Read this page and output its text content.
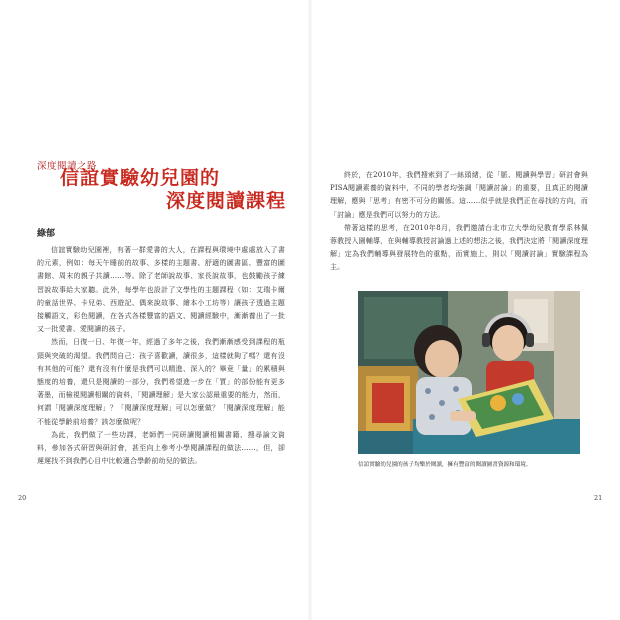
深度閱讀之路
信誼實驗幼兒園的
深度閱讀課程
綠郁

信誼實驗幼兒園裡，有著一群愛書的大人，在課程與環境中處處放入了書的元素，例如：每天午睡前的故事、多樣的主題書、舒適的圖書區、豐富的圖書館、周末的親子共讀……等。除了老師說故事、家長說故事，也鼓勵孩子練習說故事給大家聽。此外，每學年也設計了文學性的主題課程（如：艾瑞卡爾的童話世界、卡兒弟、西遊記、偶來說故事、繪本小工坊等）讓孩子透過主題接觸語文，彩色閱讀，在各式各樣豐富的語文、閱讀經驗中，漸漸養出了一批又一批愛書、愛閱讀的孩子。

然而，日復一日、年復一年，經過了多年之後，我們漸漸感受到課程的瓶頸與突破的渴望。我們問自己：孩子喜歡讀，讀很多，這樣就夠了嗎？還有沒有其他的可能？還有沒有什麼是我們可以精進、深入的？畢竟「量」的累積與態度的培養，還只是閱讀的一部分，我們希望進一步在「質」的部份能有更多著墨，而檢視閱讀相關的資料，「閱讀理解」是大家公認最重要的能力，然而，何謂「閱讀深度理解」？「閱讀深度理解」可以怎麼做？「閱讀深度理解」能不能從學齡前培養？該怎麼做呢？

為此，我們做了一些功課，老師們一同研讀閱讀相關書籍、搜尋論文資料，參加各式研習與研討會，甚至向上參考小學閱讀課程的做法……，但，卻遲遲找不到我們心目中比較適合學齡前幼兒的做法。

20

終於，在2010年，我們搜索到了一絲頭緒，從「脈、閱讀與學習」研討會與PISA閱讀素養的資料中，不同的學者均強調「閱讀討論」的重要，且真正的閱讀理解，應與「思考」有密不可分的關係。這……似乎就是我們正在尋找的方向，而「討論」應是我們可以努力的方法。

帶著這樣的思考，在2010年8月，我們邀請台北市立大學幼兒教育學系林佩蓉教授入園輔導，在與輔導教授討論過上述的想法之後，我們決定將「閱讀深度理解」定為我們輔導與發展特色的重點，而實施上，則以「閱讀討論」實驗課程為主。

信誼實驗幼兒園的孩子均樂於閱讀，擁有豐富的閱讀圖書資源和環境。
21
